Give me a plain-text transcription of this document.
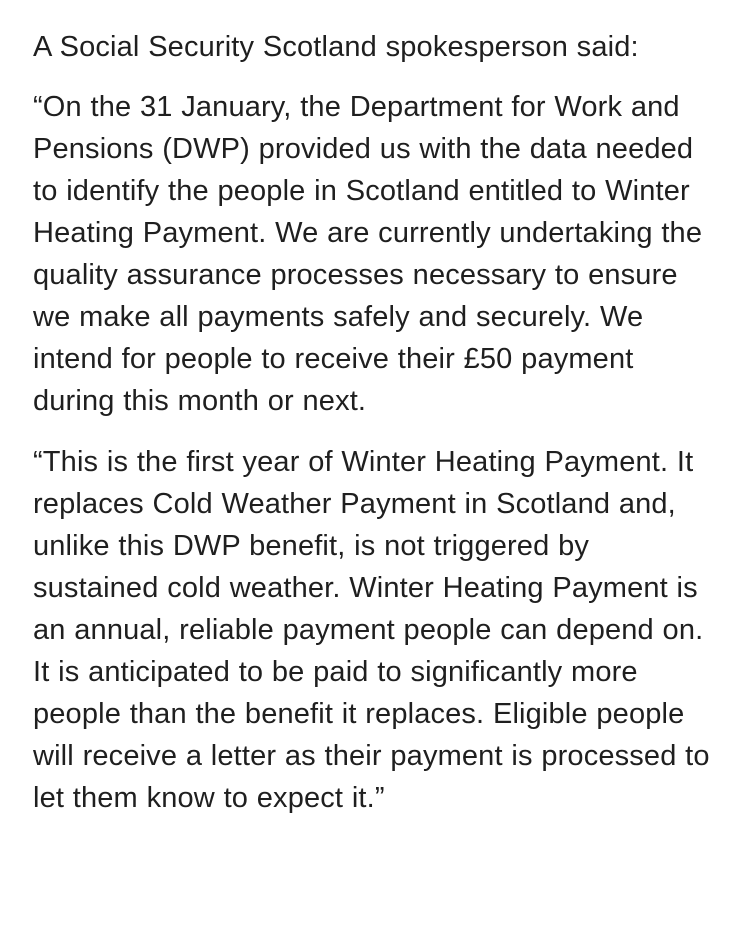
A Social Security Scotland spokesperson said:

“On the 31 January, the Department for Work and Pensions (DWP) provided us with the data needed to identify the people in Scotland entitled to Winter Heating Payment. We are currently undertaking the quality assurance processes necessary to ensure we make all payments safely and securely. We intend for people to receive their £50 payment during this month or next.

“This is the first year of Winter Heating Payment. It replaces Cold Weather Payment in Scotland and, unlike this DWP benefit, is not triggered by sustained cold weather. Winter Heating Payment is an annual, reliable payment people can depend on. It is anticipated to be paid to significantly more people than the benefit it replaces. Eligible people will receive a letter as their payment is processed to let them know to expect it.”
